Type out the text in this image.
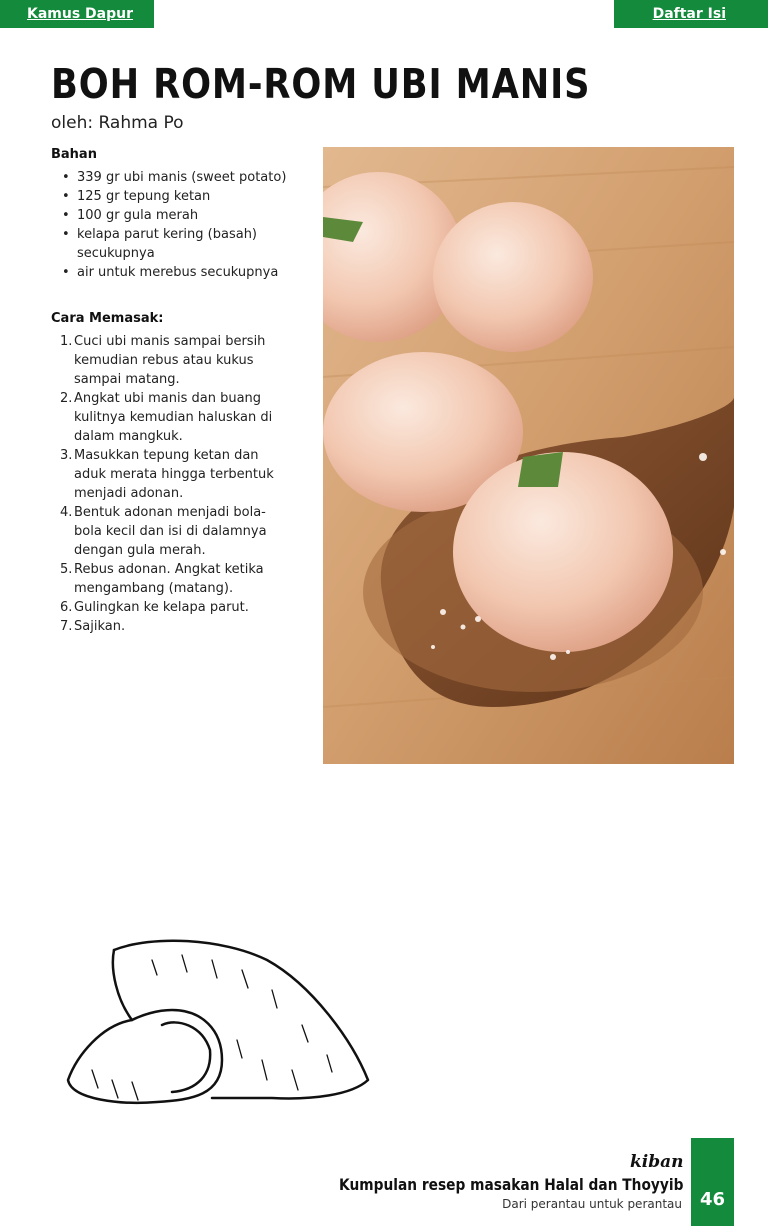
Kamus Dapur	Daftar Isi
BOH ROM-ROM UBI MANIS
oleh: Rahma Po
Bahan
• 339 gr ubi manis (sweet potato)
• 125 gr tepung ketan
• 100 gr gula merah
• kelapa parut kering (basah) secukupnya
• air untuk merebus secukupnya
Cara Memasak:
1. Cuci ubi manis sampai bersih kemudian rebus atau kukus sampai matang.
2. Angkat ubi manis dan buang kulitnya kemudian haluskan di dalam mangkuk.
3. Masukkan tepung ketan dan aduk merata hingga terbentuk menjadi adonan.
4. Bentuk adonan menjadi bola-bola kecil dan isi di dalamnya dengan gula merah.
5. Rebus adonan. Angkat ketika mengambang (matang).
6. Gulingkan ke kelapa parut.
7. Sajikan.
kiban
Kumpulan resep masakan Halal dan Thoyyib
Dari perantau untuk perantau 46
